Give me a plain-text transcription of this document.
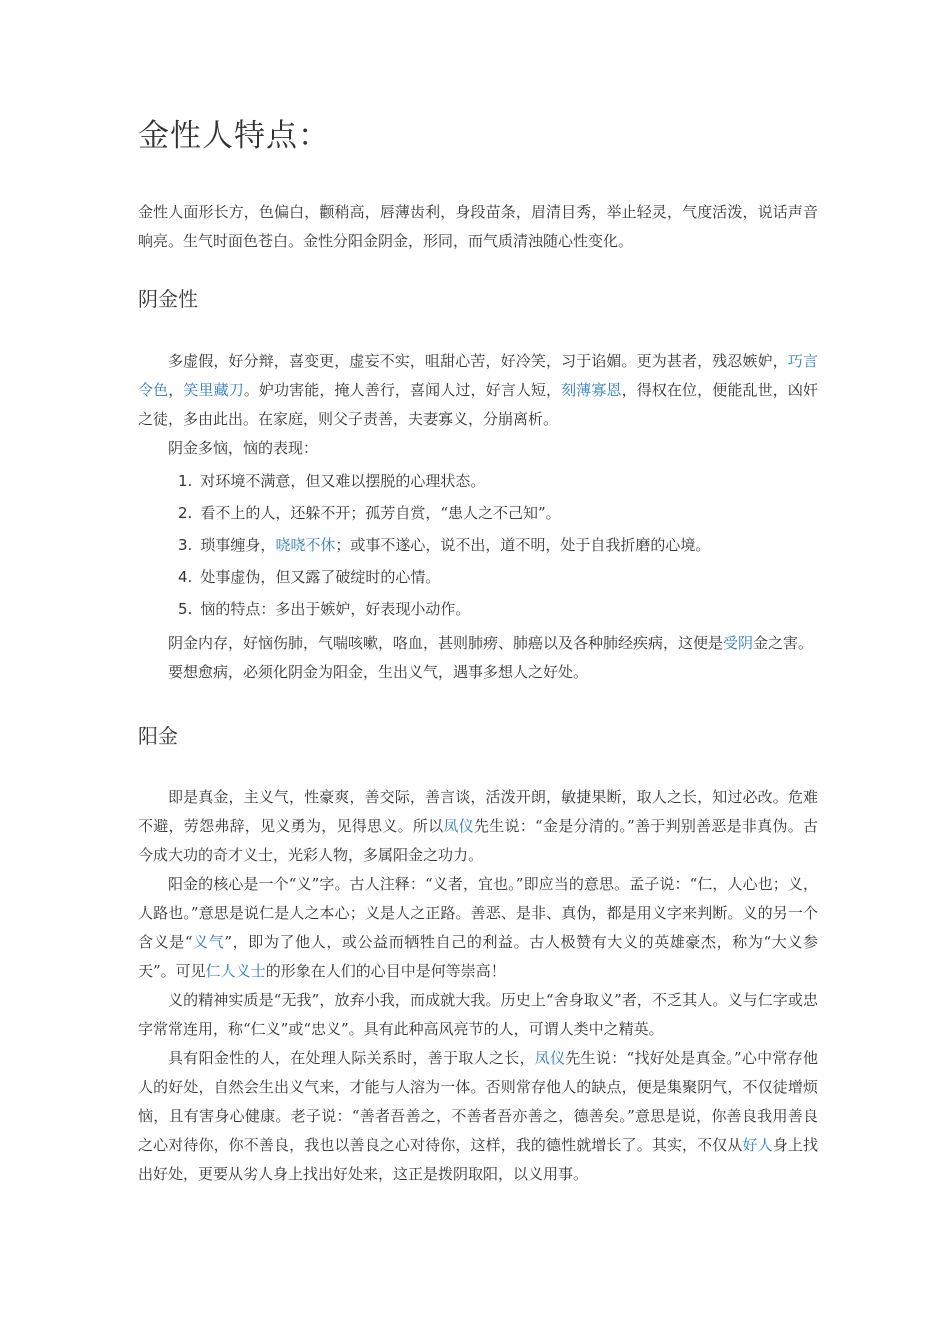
金性人特点：

金性人面形长方，色偏白，颧稍高，唇薄齿利，身段苗条，眉清目秀，举止轻灵，气度活泼，说话声音响亮。生气时面色苍白。金性分阳金阴金，形同，而气质清浊随心性变化。

阴金性

多虚假，好分辩，喜变更，虚妄不实，咀甜心苦，好冷笑，习于谄媚。更为甚者，残忍嫉妒，巧言令色，笑里藏刀。妒功害能，掩人善行，喜闻人过，好言人短，刻薄寡恩，得权在位，便能乱世，凶奸之徒，多由此出。在家庭，则父子责善，夫妻寡义，分崩离析。

阴金多恼，恼的表现：

1. 对环境不满意，但又难以摆脱的心理状态。
2. 看不上的人，还躲不开；孤芳自赏，“患人之不己知”。
3. 琐事缠身，哓哓不休；或事不遂心，说不出，道不明，处于自我折磨的心境。
4. 处事虚伪，但又露了破绽时的心情。
5. 恼的特点：多出于嫉妒，好表现小动作。

阴金内存，好恼伤肺，气喘咳嗽，咯血，甚则肺痨、肺癌以及各种肺经疾病，这便是受阴金之害。

要想愈病，必须化阴金为阳金，生出义气，遇事多想人之好处。

阳金

即是真金，主义气，性豪爽，善交际，善言谈，活泼开朗，敏捷果断，取人之长，知过必改。危难不避，劳怨弗辞，见义勇为，见得思义。所以凤仪先生说：“金是分清的。”善于判别善恶是非真伪。古今成大功的奇才义士，光彩人物，多属阳金之功力。

阳金的核心是一个“义”字。古人注释：“义者，宜也。”即应当的意思。孟子说：“仁，人心也；义，人路也。”意思是说仁是人之本心；义是人之正路。善恶、是非、真伪，都是用义字来判断。义的另一个含义是“义气”，即为了他人，或公益而牺牲自己的利益。古人极赞有大义的英雄豪杰，称为“大义参天”。可见仁人义士的形象在人们的心目中是何等崇高！

义的精神实质是“无我”，放弃小我，而成就大我。历史上“舍身取义”者，不乏其人。义与仁字或忠字常常连用，称“仁义”或“忠义”。具有此种高风亮节的人，可谓人类中之精英。

具有阳金性的人，在处理人际关系时，善于取人之长，凤仪先生说：“找好处是真金。”心中常存他人的好处，自然会生出义气来，才能与人溶为一体。否则常存他人的缺点，便是集聚阴气，不仅徒增烦恼，且有害身心健康。老子说：“善者吾善之，不善者吾亦善之，德善矣。”意思是说，你善良我用善良之心对待你，你不善良，我也以善良之心对待你，这样，我的德性就增长了。其实，不仅从好人身上找出好处，更要从劣人身上找出好处来，这正是拨阴取阳，以义用事。
